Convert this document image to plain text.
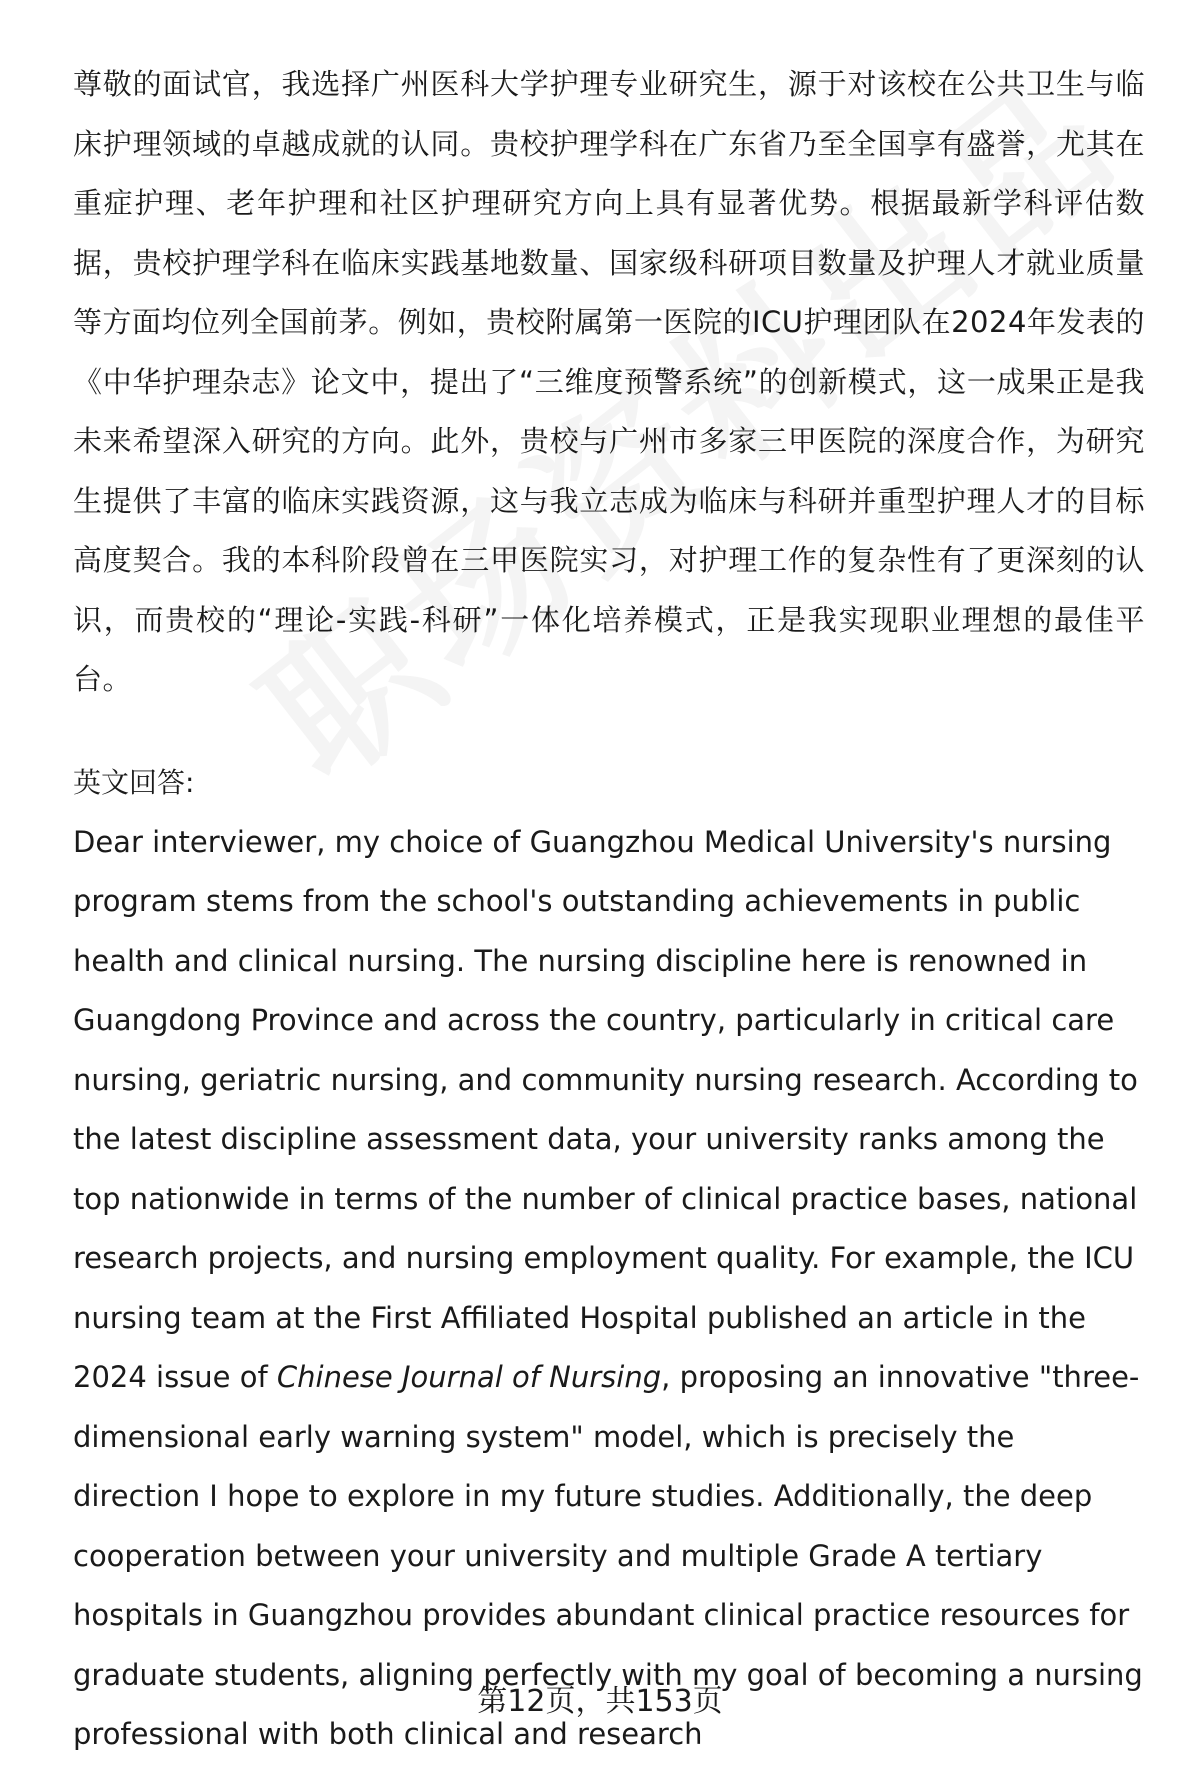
尊敬的面试官，我选择广州医科大学护理专业研究生，源于对该校在公共卫生与临床护理领域的卓越成就的认同。贵校护理学科在广东省乃至全国享有盛誉，尤其在重症护理、老年护理和社区护理研究方向上具有显著优势。根据最新学科评估数据，贵校护理学科在临床实践基地数量、国家级科研项目数量及护理人才就业质量等方面均位列全国前茅。例如，贵校附属第一医院的ICU护理团队在2024年发表的《中华护理杂志》论文中，提出了“三维度预警系统”的创新模式，这一成果正是我未来希望深入研究的方向。此外，贵校与广州市多家三甲医院的深度合作，为研究生提供了丰富的临床实践资源，这与我立志成为临床与科研并重型护理人才的目标高度契合。我的本科阶段曾在三甲医院实习，对护理工作的复杂性有了更深刻的认识，而贵校的“理论-实践-科研”一体化培养模式，正是我实现职业理想的最佳平台。

英文回答:

Dear interviewer, my choice of Guangzhou Medical University's nursing program stems from the school's outstanding achievements in public health and clinical nursing. The nursing discipline here is renowned in Guangdong Province and across the country, particularly in critical care nursing, geriatric nursing, and community nursing research. According to the latest discipline assessment data, your university ranks among the top nationwide in terms of the number of clinical practice bases, national research projects, and nursing employment quality. For example, the ICU nursing team at the First Affiliated Hospital published an article in the 2024 issue of Chinese Journal of Nursing, proposing an innovative "three-dimensional early warning system" model, which is precisely the direction I hope to explore in my future studies. Additionally, the deep cooperation between your university and multiple Grade A tertiary hospitals in Guangzhou provides abundant clinical practice resources for graduate students, aligning perfectly with my goal of becoming a nursing professional with both clinical and research

第12页，共153页
